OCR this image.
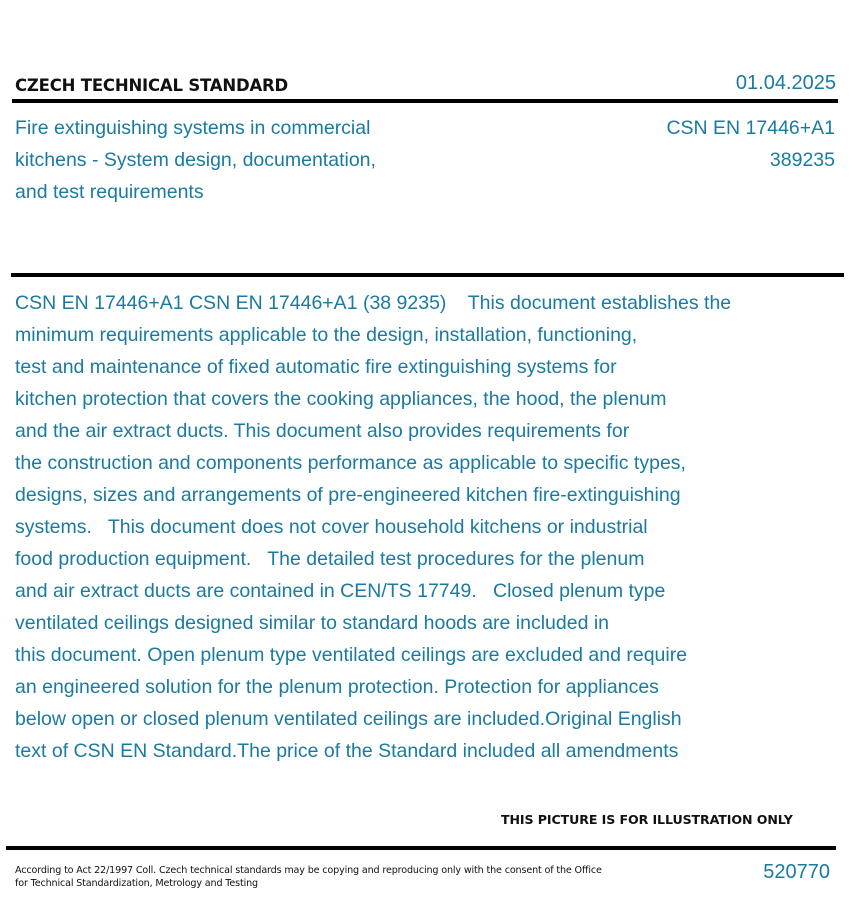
CZECH TECHNICAL STANDARD	01.04.2025
Fire extinguishing systems in commercial
kitchens - System design, documentation,
and test requirements
CSN EN 17446+A1
389235
CSN EN 17446+A1 CSN EN 17446+A1 (38 9235)    This document establishes the
minimum requirements applicable to the design, installation, functioning,
test and maintenance of fixed automatic fire extinguishing systems for
kitchen protection that covers the cooking appliances, the hood, the plenum
and the air extract ducts. This document also provides requirements for
the construction and components performance as applicable to specific types,
designs, sizes and arrangements of pre-engineered kitchen fire-extinguishing
systems.   This document does not cover household kitchens or industrial
food production equipment.   The detailed test procedures for the plenum
and air extract ducts are contained in CEN/TS 17749.   Closed plenum type
ventilated ceilings designed similar to standard hoods are included in
this document. Open plenum type ventilated ceilings are excluded and require
an engineered solution for the plenum protection. Protection for appliances
below open or closed plenum ventilated ceilings are included.Original English
text of CSN EN Standard.The price of the Standard included all amendments
THIS PICTURE IS FOR ILLUSTRATION ONLY
According to Act 22/1997 Coll. Czech technical standards may be copying and reproducing only with the consent of the Office
for Technical Standardization, Metrology and Testing
520770
